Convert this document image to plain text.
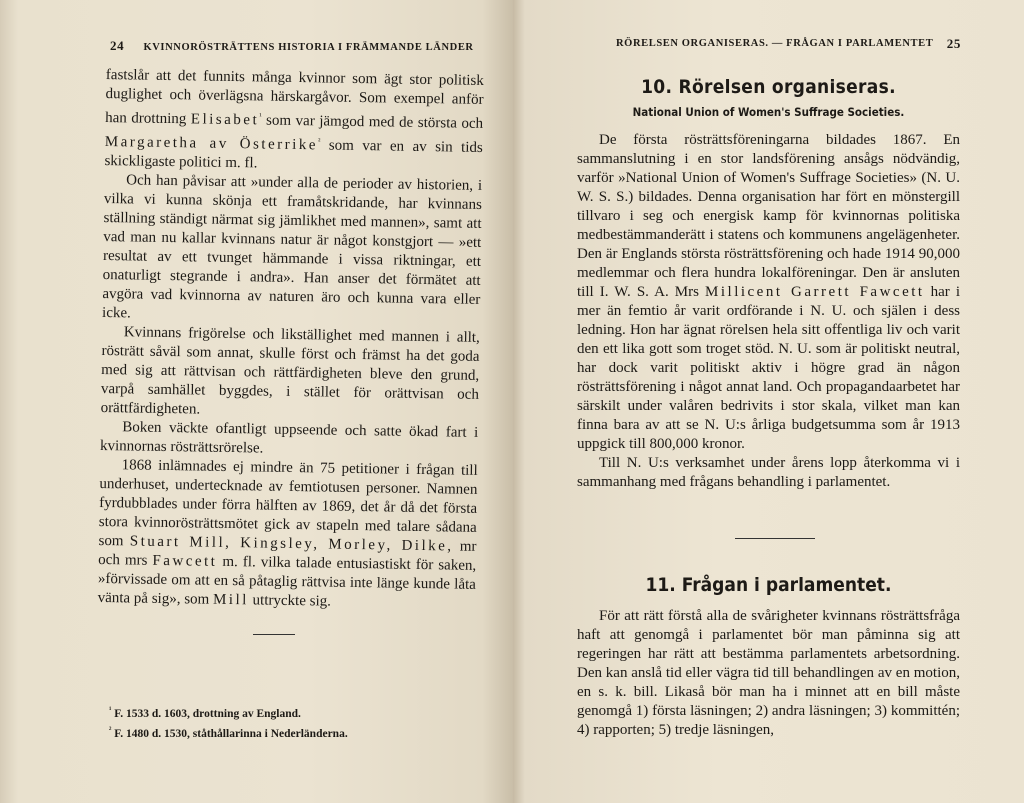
24 KVINNORÖSTRÄTTENS HISTORIA I FRÄMMANDE LÄNDER

fastslår att det funnits många kvinnor som ägt stor politisk duglighet och överlägsna härskargåvor. Som exempel anför han drottning Elisabet$^{^1}$ som var jämgod med de största och Margaretha av Österrike$^{^2}$ som var en av sin tids skickligaste politici m. fl.

Och han påvisar att »under alla de perioder av historien, i vilka vi kunna skönja ett framåtskridande, har kvinnans ställning ständigt närmat sig jämlikhet med mannen», samt att vad man nu kallar kvinnans natur är något konstgjort — »ett resultat av ett tvunget hämmande i vissa riktningar, ett onaturligt stegrande i andra». Han anser det förmätet att avgöra vad kvinnorna av naturen äro och kunna vara eller icke.

Kvinnans frigörelse och likställighet med mannen i allt, rösträtt såväl som annat, skulle först och främst ha det goda med sig att rättvisan och rättfärdigheten bleve den grund, varpå samhället byggdes, i stället för orättvisan och orättfärdigheten.

Boken väckte ofantligt uppseende och satte ökad fart i kvinnornas rösträttsrörelse.

1868 inlämnades ej mindre än 75 petitioner i frågan till underhuset, undertecknade av femtiotusen personer. Namnen fyrdubblades under förra hälften av 1869, det år då det första stora kvinnorösträttsmötet gick av stapeln med talare sådana som Stuart Mill, Kingsley, Morley, Dilke, mr och mrs Fawcett m. fl. vilka talade entusiastiskt för saken, »förvissade om att en så påtaglig rättvisa inte länge kunde låta vänta på sig», som Mill uttryckte sig.

$^{^1}$ F. 1533 d. 1603, drottning av England.

$^{^2}$ F. 1480 d. 1530, ståthållarinna i Nederländerna.

RÖRELSEN ORGANISERAS. — FRÅGAN I PARLAMENTET 25
10. Rörelsen organiseras.
National Union of Women's Suffrage Societies.

De första rösträttsföreningarna bildades 1867. En sammanslutning i en stor landsförening ansågs nödvändig, varför »National Union of Women's Suffrage Societies» (N. U. W. S. S.) bildades. Denna organisation har fört en mönstergill tillvaro i seg och energisk kamp för kvinnornas politiska medbestämmanderätt i statens och kommunens angelägenheter. Den är Englands största rösträttsförening och hade 1914 90,000 medlemmar och flera hundra lokalföreningar. Den är ansluten till I. W. S. A. Mrs Millicent Garrett Fawcett har i mer än femtio år varit ordförande i N. U. och själen i dess ledning. Hon har ägnat rörelsen hela sitt offentliga liv och varit den ett lika gott som troget stöd. N. U. som är politiskt neutral, har dock varit politiskt aktiv i högre grad än någon rösträttsförening i något annat land. Och propagandaarbetet har särskilt under valåren bedrivits i stor skala, vilket man kan finna bara av att se N. U:s årliga budgetsumma som år 1913 uppgick till 800,000 kronor.

Till N. U:s verksamhet under årens lopp återkomma vi i sammanhang med frågans behandling i parlamentet.

11. Frågan i parlamentet.

För att rätt förstå alla de svårigheter kvinnans rösträttsfråga haft att genomgå i parlamentet bör man påminna sig att regeringen har rätt att bestämma parlamentets arbetsordning. Den kan anslå tid eller vägra tid till behandlingen av en motion, en s. k. bill. Likaså bör man ha i minnet att en bill måste genomgå 1) första läsningen; 2) andra läsningen; 3) kommittén; 4) rapporten; 5) tredje läsningen,
